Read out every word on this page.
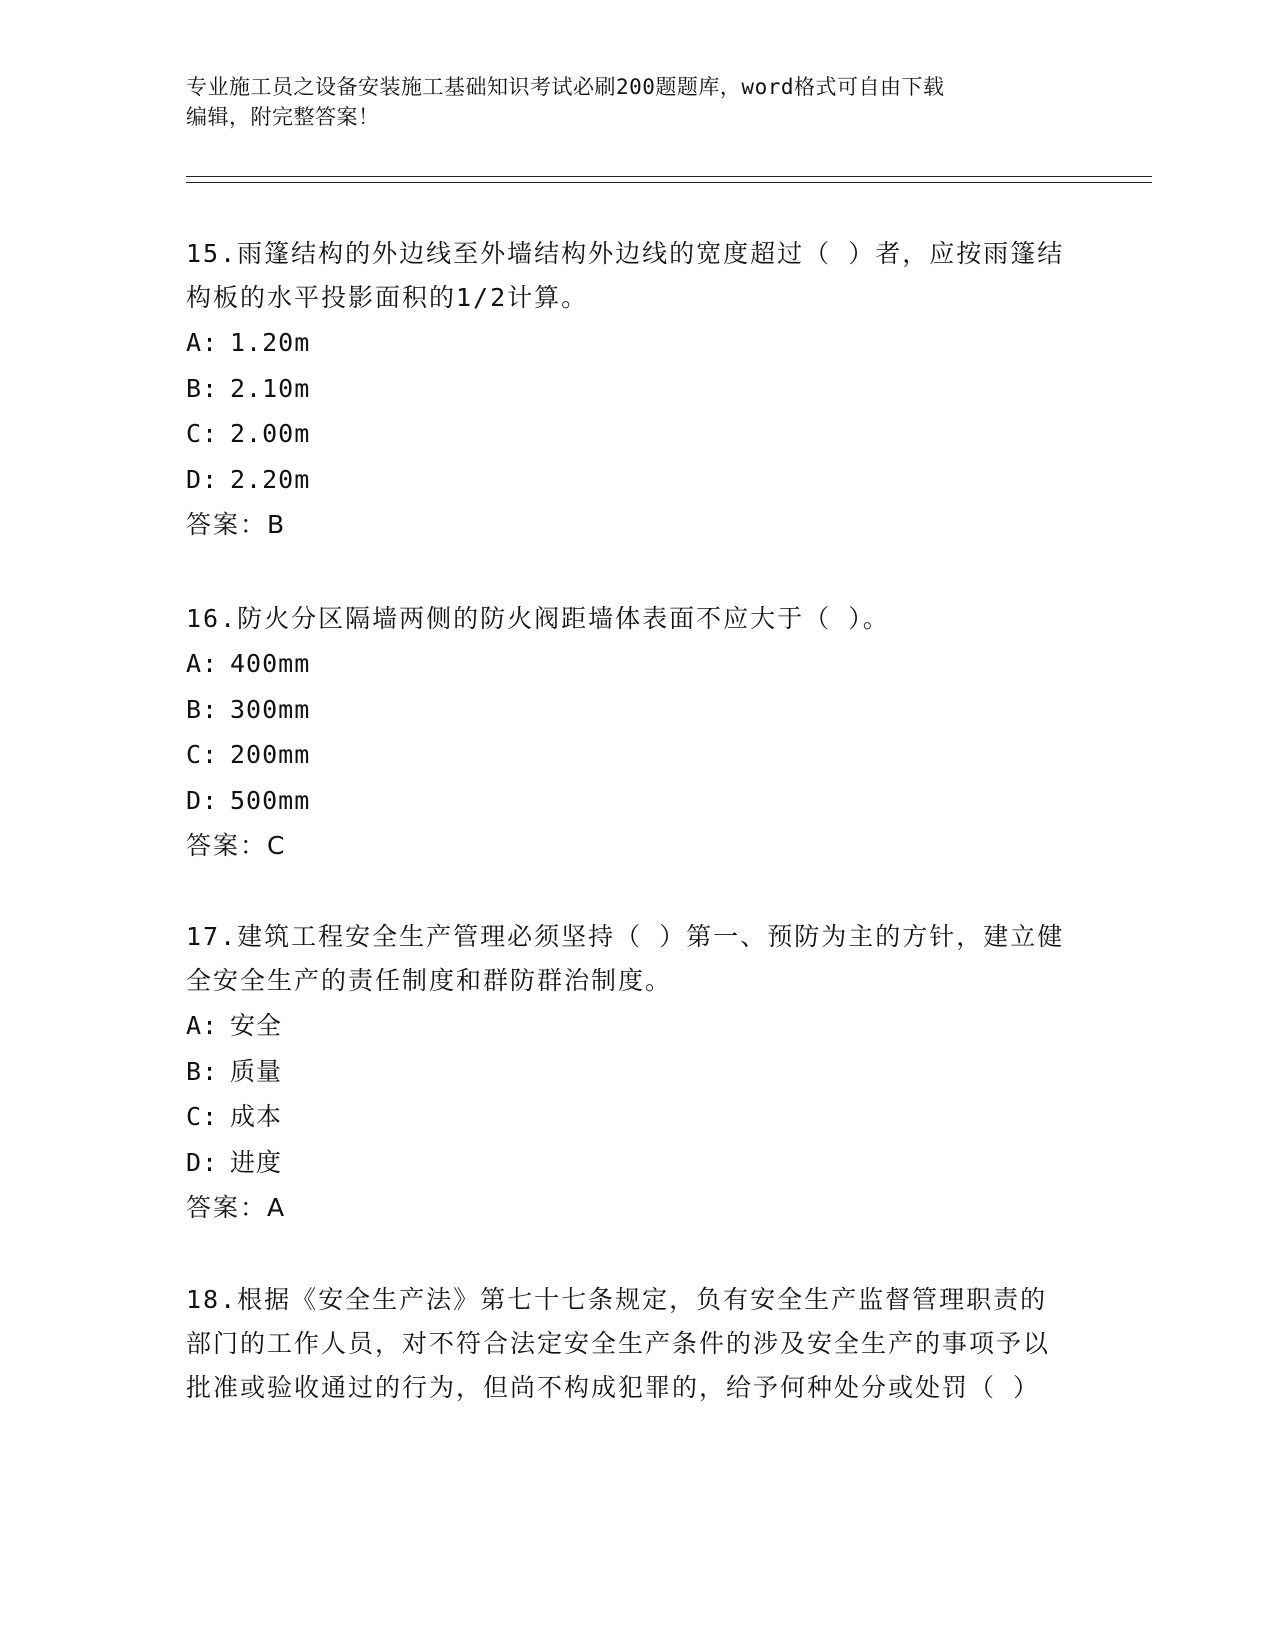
专业施工员之设备安装施工基础知识考试必刷200题题库，word格式可自由下载
编辑，附完整答案！

15.雨篷结构的外边线至外墙结构外边线的宽度超过（ ）者，应按雨篷结构板的水平投影面积的1/2计算。

A: 1.20m

B: 2.10m

C: 2.00m

D: 2.20m

答案：B

16.防火分区隔墙两侧的防火阀距墙体表面不应大于（ ）。

A: 400mm

B: 300mm

C: 200mm

D: 500mm

答案：C

17.建筑工程安全生产管理必须坚持（ ）第一、预防为主的方针，建立健全安全生产的责任制度和群防群治制度。

A: 安全

B: 质量

C: 成本

D: 进度

答案：A

18.根据《安全生产法》第七十七条规定，负有安全生产监督管理职责的部门的工作人员，对不符合法定安全生产条件的涉及安全生产的事项予以批准或验收通过的行为，但尚不构成犯罪的，给予何种处分或处罚（ ）
